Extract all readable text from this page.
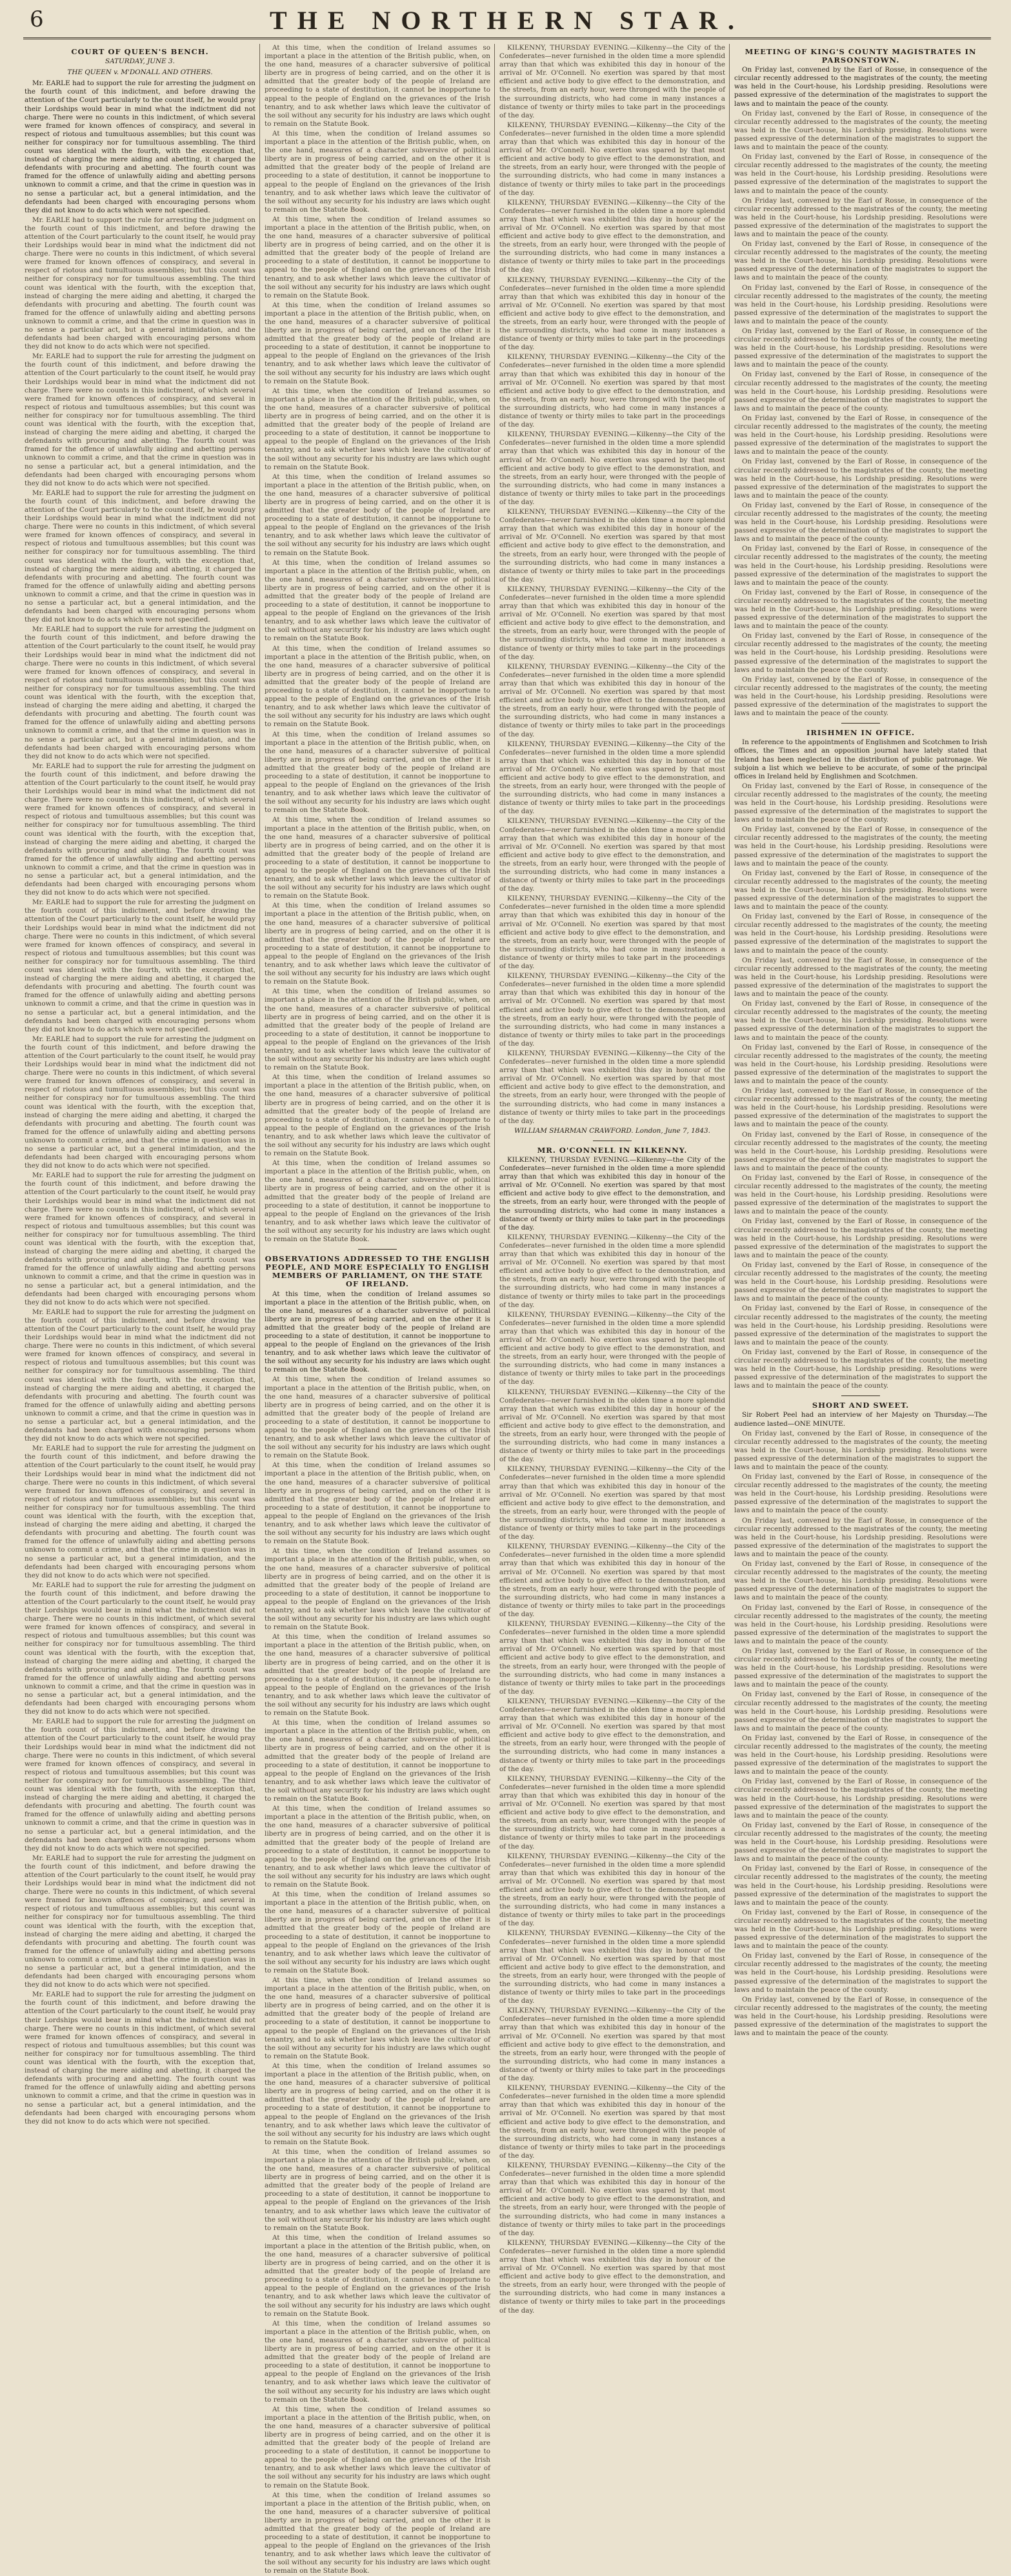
6	THE NORTHERN STAR.
COURT OF QUEEN'S BENCH.
SATURDAY, JUNE 3.
THE QUEEN v. M'DONALL AND OTHERS.

Mr. EARLE had to support the rule for arresting the judgment on the fourth count of this indictment, and before drawing the attention of the Court particularly to the count itself, he would pray their Lordships would bear in mind what the indictment did not charge. There were no counts in this indictment, of which several were framed for known offences of conspiracy, and several in respect of riotous and tumultuous assemblies; but this count was neither for conspiracy nor for tumultuous assembling. The third count was identical with the fourth, with the exception that, instead of charging the mere aiding and abetting, it charged the defendants with procuring and abetting. The fourth count was framed for the offence of unlawfully aiding and abetting persons unknown to commit a crime, and that the crime in question was in no sense a particular act, but a general intimidation, and the defendants had been charged with encouraging persons whom they did not know to do acts which were not specified.

Mr. EARLE had to support the rule for arresting the judgment on the fourth count of this indictment, and before drawing the attention of the Court particularly to the count itself, he would pray their Lordships would bear in mind what the indictment did not charge. There were no counts in this indictment, of which several were framed for known offences of conspiracy, and several in respect of riotous and tumultuous assemblies; but this count was neither for conspiracy nor for tumultuous assembling. The third count was identical with the fourth, with the exception that, instead of charging the mere aiding and abetting, it charged the defendants with procuring and abetting. The fourth count was framed for the offence of unlawfully aiding and abetting persons unknown to commit a crime, and that the crime in question was in no sense a particular act, but a general intimidation, and the defendants had been charged with encouraging persons whom they did not know to do acts which were not specified.

Mr. EARLE had to support the rule for arresting the judgment on the fourth count of this indictment, and before drawing the attention of the Court particularly to the count itself, he would pray their Lordships would bear in mind what the indictment did not charge. There were no counts in this indictment, of which several were framed for known offences of conspiracy, and several in respect of riotous and tumultuous assemblies; but this count was neither for conspiracy nor for tumultuous assembling. The third count was identical with the fourth, with the exception that, instead of charging the mere aiding and abetting, it charged the defendants with procuring and abetting. The fourth count was framed for the offence of unlawfully aiding and abetting persons unknown to commit a crime, and that the crime in question was in no sense a particular act, but a general intimidation, and the defendants had been charged with encouraging persons whom they did not know to do acts which were not specified.

Mr. EARLE had to support the rule for arresting the judgment on the fourth count of this indictment, and before drawing the attention of the Court particularly to the count itself, he would pray their Lordships would bear in mind what the indictment did not charge. There were no counts in this indictment, of which several were framed for known offences of conspiracy, and several in respect of riotous and tumultuous assemblies; but this count was neither for conspiracy nor for tumultuous assembling. The third count was identical with the fourth, with the exception that, instead of charging the mere aiding and abetting, it charged the defendants with procuring and abetting. The fourth count was framed for the offence of unlawfully aiding and abetting persons unknown to commit a crime, and that the crime in question was in no sense a particular act, but a general intimidation, and the defendants had been charged with encouraging persons whom they did not know to do acts which were not specified.

Mr. EARLE had to support the rule for arresting the judgment on the fourth count of this indictment, and before drawing the attention of the Court particularly to the count itself, he would pray their Lordships would bear in mind what the indictment did not charge. There were no counts in this indictment, of which several were framed for known offences of conspiracy, and several in respect of riotous and tumultuous assemblies; but this count was neither for conspiracy nor for tumultuous assembling. The third count was identical with the fourth, with the exception that, instead of charging the mere aiding and abetting, it charged the defendants with procuring and abetting. The fourth count was framed for the offence of unlawfully aiding and abetting persons unknown to commit a crime, and that the crime in question was in no sense a particular act, but a general intimidation, and the defendants had been charged with encouraging persons whom they did not know to do acts which were not specified.

Mr. EARLE had to support the rule for arresting the judgment on the fourth count of this indictment, and before drawing the attention of the Court particularly to the count itself, he would pray their Lordships would bear in mind what the indictment did not charge. There were no counts in this indictment, of which several were framed for known offences of conspiracy, and several in respect of riotous and tumultuous assemblies; but this count was neither for conspiracy nor for tumultuous assembling. The third count was identical with the fourth, with the exception that, instead of charging the mere aiding and abetting, it charged the defendants with procuring and abetting. The fourth count was framed for the offence of unlawfully aiding and abetting persons unknown to commit a crime, and that the crime in question was in no sense a particular act, but a general intimidation, and the defendants had been charged with encouraging persons whom they did not know to do acts which were not specified.

Mr. EARLE had to support the rule for arresting the judgment on the fourth count of this indictment, and before drawing the attention of the Court particularly to the count itself, he would pray their Lordships would bear in mind what the indictment did not charge. There were no counts in this indictment, of which several were framed for known offences of conspiracy, and several in respect of riotous and tumultuous assemblies; but this count was neither for conspiracy nor for tumultuous assembling. The third count was identical with the fourth, with the exception that, instead of charging the mere aiding and abetting, it charged the defendants with procuring and abetting. The fourth count was framed for the offence of unlawfully aiding and abetting persons unknown to commit a crime, and that the crime in question was in no sense a particular act, but a general intimidation, and the defendants had been charged with encouraging persons whom they did not know to do acts which were not specified.

Mr. EARLE had to support the rule for arresting the judgment on the fourth count of this indictment, and before drawing the attention of the Court particularly to the count itself, he would pray their Lordships would bear in mind what the indictment did not charge. There were no counts in this indictment, of which several were framed for known offences of conspiracy, and several in respect of riotous and tumultuous assemblies; but this count was neither for conspiracy nor for tumultuous assembling. The third count was identical with the fourth, with the exception that, instead of charging the mere aiding and abetting, it charged the defendants with procuring and abetting. The fourth count was framed for the offence of unlawfully aiding and abetting persons unknown to commit a crime, and that the crime in question was in no sense a particular act, but a general intimidation, and the defendants had been charged with encouraging persons whom they did not know to do acts which were not specified.

Mr. EARLE had to support the rule for arresting the judgment on the fourth count of this indictment, and before drawing the attention of the Court particularly to the count itself, he would pray their Lordships would bear in mind what the indictment did not charge. There were no counts in this indictment, of which several were framed for known offences of conspiracy, and several in respect of riotous and tumultuous assemblies; but this count was neither for conspiracy nor for tumultuous assembling. The third count was identical with the fourth, with the exception that, instead of charging the mere aiding and abetting, it charged the defendants with procuring and abetting. The fourth count was framed for the offence of unlawfully aiding and abetting persons unknown to commit a crime, and that the crime in question was in no sense a particular act, but a general intimidation, and the defendants had been charged with encouraging persons whom they did not know to do acts which were not specified.

Mr. EARLE had to support the rule for arresting the judgment on the fourth count of this indictment, and before drawing the attention of the Court particularly to the count itself, he would pray their Lordships would bear in mind what the indictment did not charge. There were no counts in this indictment, of which several were framed for known offences of conspiracy, and several in respect of riotous and tumultuous assemblies; but this count was neither for conspiracy nor for tumultuous assembling. The third count was identical with the fourth, with the exception that, instead of charging the mere aiding and abetting, it charged the defendants with procuring and abetting. The fourth count was framed for the offence of unlawfully aiding and abetting persons unknown to commit a crime, and that the crime in question was in no sense a particular act, but a general intimidation, and the defendants had been charged with encouraging persons whom they did not know to do acts which were not specified.

Mr. EARLE had to support the rule for arresting the judgment on the fourth count of this indictment, and before drawing the attention of the Court particularly to the count itself, he would pray their Lordships would bear in mind what the indictment did not charge. There were no counts in this indictment, of which several were framed for known offences of conspiracy, and several in respect of riotous and tumultuous assemblies; but this count was neither for conspiracy nor for tumultuous assembling. The third count was identical with the fourth, with the exception that, instead of charging the mere aiding and abetting, it charged the defendants with procuring and abetting. The fourth count was framed for the offence of unlawfully aiding and abetting persons unknown to commit a crime, and that the crime in question was in no sense a particular act, but a general intimidation, and the defendants had been charged with encouraging persons whom they did not know to do acts which were not specified.

Mr. EARLE had to support the rule for arresting the judgment on the fourth count of this indictment, and before drawing the attention of the Court particularly to the count itself, he would pray their Lordships would bear in mind what the indictment did not charge. There were no counts in this indictment, of which several were framed for known offences of conspiracy, and several in respect of riotous and tumultuous assemblies; but this count was neither for conspiracy nor for tumultuous assembling. The third count was identical with the fourth, with the exception that, instead of charging the mere aiding and abetting, it charged the defendants with procuring and abetting. The fourth count was framed for the offence of unlawfully aiding and abetting persons unknown to commit a crime, and that the crime in question was in no sense a particular act, but a general intimidation, and the defendants had been charged with encouraging persons whom they did not know to do acts which were not specified.

Mr. EARLE had to support the rule for arresting the judgment on the fourth count of this indictment, and before drawing the attention of the Court particularly to the count itself, he would pray their Lordships would bear in mind what the indictment did not charge. There were no counts in this indictment, of which several were framed for known offences of conspiracy, and several in respect of riotous and tumultuous assemblies; but this count was neither for conspiracy nor for tumultuous assembling. The third count was identical with the fourth, with the exception that, instead of charging the mere aiding and abetting, it charged the defendants with procuring and abetting. The fourth count was framed for the offence of unlawfully aiding and abetting persons unknown to commit a crime, and that the crime in question was in no sense a particular act, but a general intimidation, and the defendants had been charged with encouraging persons whom they did not know to do acts which were not specified.

Mr. EARLE had to support the rule for arresting the judgment on the fourth count of this indictment, and before drawing the attention of the Court particularly to the count itself, he would pray their Lordships would bear in mind what the indictment did not charge. There were no counts in this indictment, of which several were framed for known offences of conspiracy, and several in respect of riotous and tumultuous assemblies; but this count was neither for conspiracy nor for tumultuous assembling. The third count was identical with the fourth, with the exception that, instead of charging the mere aiding and abetting, it charged the defendants with procuring and abetting. The fourth count was framed for the offence of unlawfully aiding and abetting persons unknown to commit a crime, and that the crime in question was in no sense a particular act, but a general intimidation, and the defendants had been charged with encouraging persons whom they did not know to do acts which were not specified.

Mr. EARLE had to support the rule for arresting the judgment on the fourth count of this indictment, and before drawing the attention of the Court particularly to the count itself, he would pray their Lordships would bear in mind what the indictment did not charge. There were no counts in this indictment, of which several were framed for known offences of conspiracy, and several in respect of riotous and tumultuous assemblies; but this count was neither for conspiracy nor for tumultuous assembling. The third count was identical with the fourth, with the exception that, instead of charging the mere aiding and abetting, it charged the defendants with procuring and abetting. The fourth count was framed for the offence of unlawfully aiding and abetting persons unknown to commit a crime, and that the crime in question was in no sense a particular act, but a general intimidation, and the defendants had been charged with encouraging persons whom they did not know to do acts which were not specified.

At this time, when the condition of Ireland assumes so important a place in the attention of the British public, when, on the one hand, measures of a character subversive of political liberty are in progress of being carried, and on the other it is admitted that the greater body of the people of Ireland are proceeding to a state of destitution, it cannot be inopportune to appeal to the people of England on the grievances of the Irish tenantry, and to ask whether laws which leave the cultivator of the soil without any security for his industry are laws which ought to remain on the Statute Book.

At this time, when the condition of Ireland assumes so important a place in the attention of the British public, when, on the one hand, measures of a character subversive of political liberty are in progress of being carried, and on the other it is admitted that the greater body of the people of Ireland are proceeding to a state of destitution, it cannot be inopportune to appeal to the people of England on the grievances of the Irish tenantry, and to ask whether laws which leave the cultivator of the soil without any security for his industry are laws which ought to remain on the Statute Book.

At this time, when the condition of Ireland assumes so important a place in the attention of the British public, when, on the one hand, measures of a character subversive of political liberty are in progress of being carried, and on the other it is admitted that the greater body of the people of Ireland are proceeding to a state of destitution, it cannot be inopportune to appeal to the people of England on the grievances of the Irish tenantry, and to ask whether laws which leave the cultivator of the soil without any security for his industry are laws which ought to remain on the Statute Book.

At this time, when the condition of Ireland assumes so important a place in the attention of the British public, when, on the one hand, measures of a character subversive of political liberty are in progress of being carried, and on the other it is admitted that the greater body of the people of Ireland are proceeding to a state of destitution, it cannot be inopportune to appeal to the people of England on the grievances of the Irish tenantry, and to ask whether laws which leave the cultivator of the soil without any security for his industry are laws which ought to remain on the Statute Book.

At this time, when the condition of Ireland assumes so important a place in the attention of the British public, when, on the one hand, measures of a character subversive of political liberty are in progress of being carried, and on the other it is admitted that the greater body of the people of Ireland are proceeding to a state of destitution, it cannot be inopportune to appeal to the people of England on the grievances of the Irish tenantry, and to ask whether laws which leave the cultivator of the soil without any security for his industry are laws which ought to remain on the Statute Book.

At this time, when the condition of Ireland assumes so important a place in the attention of the British public, when, on the one hand, measures of a character subversive of political liberty are in progress of being carried, and on the other it is admitted that the greater body of the people of Ireland are proceeding to a state of destitution, it cannot be inopportune to appeal to the people of England on the grievances of the Irish tenantry, and to ask whether laws which leave the cultivator of the soil without any security for his industry are laws which ought to remain on the Statute Book.

At this time, when the condition of Ireland assumes so important a place in the attention of the British public, when, on the one hand, measures of a character subversive of political liberty are in progress of being carried, and on the other it is admitted that the greater body of the people of Ireland are proceeding to a state of destitution, it cannot be inopportune to appeal to the people of England on the grievances of the Irish tenantry, and to ask whether laws which leave the cultivator of the soil without any security for his industry are laws which ought to remain on the Statute Book.

At this time, when the condition of Ireland assumes so important a place in the attention of the British public, when, on the one hand, measures of a character subversive of political liberty are in progress of being carried, and on the other it is admitted that the greater body of the people of Ireland are proceeding to a state of destitution, it cannot be inopportune to appeal to the people of England on the grievances of the Irish tenantry, and to ask whether laws which leave the cultivator of the soil without any security for his industry are laws which ought to remain on the Statute Book.

At this time, when the condition of Ireland assumes so important a place in the attention of the British public, when, on the one hand, measures of a character subversive of political liberty are in progress of being carried, and on the other it is admitted that the greater body of the people of Ireland are proceeding to a state of destitution, it cannot be inopportune to appeal to the people of England on the grievances of the Irish tenantry, and to ask whether laws which leave the cultivator of the soil without any security for his industry are laws which ought to remain on the Statute Book.

At this time, when the condition of Ireland assumes so important a place in the attention of the British public, when, on the one hand, measures of a character subversive of political liberty are in progress of being carried, and on the other it is admitted that the greater body of the people of Ireland are proceeding to a state of destitution, it cannot be inopportune to appeal to the people of England on the grievances of the Irish tenantry, and to ask whether laws which leave the cultivator of the soil without any security for his industry are laws which ought to remain on the Statute Book.

At this time, when the condition of Ireland assumes so important a place in the attention of the British public, when, on the one hand, measures of a character subversive of political liberty are in progress of being carried, and on the other it is admitted that the greater body of the people of Ireland are proceeding to a state of destitution, it cannot be inopportune to appeal to the people of England on the grievances of the Irish tenantry, and to ask whether laws which leave the cultivator of the soil without any security for his industry are laws which ought to remain on the Statute Book.

At this time, when the condition of Ireland assumes so important a place in the attention of the British public, when, on the one hand, measures of a character subversive of political liberty are in progress of being carried, and on the other it is admitted that the greater body of the people of Ireland are proceeding to a state of destitution, it cannot be inopportune to appeal to the people of England on the grievances of the Irish tenantry, and to ask whether laws which leave the cultivator of the soil without any security for his industry are laws which ought to remain on the Statute Book.

At this time, when the condition of Ireland assumes so important a place in the attention of the British public, when, on the one hand, measures of a character subversive of political liberty are in progress of being carried, and on the other it is admitted that the greater body of the people of Ireland are proceeding to a state of destitution, it cannot be inopportune to appeal to the people of England on the grievances of the Irish tenantry, and to ask whether laws which leave the cultivator of the soil without any security for his industry are laws which ought to remain on the Statute Book.

At this time, when the condition of Ireland assumes so important a place in the attention of the British public, when, on the one hand, measures of a character subversive of political liberty are in progress of being carried, and on the other it is admitted that the greater body of the people of Ireland are proceeding to a state of destitution, it cannot be inopportune to appeal to the people of England on the grievances of the Irish tenantry, and to ask whether laws which leave the cultivator of the soil without any security for his industry are laws which ought to remain on the Statute Book.

OBSERVATIONS ADDRESSED TO THE ENGLISH PEOPLE, AND MORE ESPECIALLY TO ENGLISH MEMBERS OF PARLIAMENT, ON THE STATE OF IRELAND.

At this time, when the condition of Ireland assumes so important a place in the attention of the British public, when, on the one hand, measures of a character subversive of political liberty are in progress of being carried, and on the other it is admitted that the greater body of the people of Ireland are proceeding to a state of destitution, it cannot be inopportune to appeal to the people of England on the grievances of the Irish tenantry, and to ask whether laws which leave the cultivator of the soil without any security for his industry are laws which ought to remain on the Statute Book.

At this time, when the condition of Ireland assumes so important a place in the attention of the British public, when, on the one hand, measures of a character subversive of political liberty are in progress of being carried, and on the other it is admitted that the greater body of the people of Ireland are proceeding to a state of destitution, it cannot be inopportune to appeal to the people of England on the grievances of the Irish tenantry, and to ask whether laws which leave the cultivator of the soil without any security for his industry are laws which ought to remain on the Statute Book.

At this time, when the condition of Ireland assumes so important a place in the attention of the British public, when, on the one hand, measures of a character subversive of political liberty are in progress of being carried, and on the other it is admitted that the greater body of the people of Ireland are proceeding to a state of destitution, it cannot be inopportune to appeal to the people of England on the grievances of the Irish tenantry, and to ask whether laws which leave the cultivator of the soil without any security for his industry are laws which ought to remain on the Statute Book.

At this time, when the condition of Ireland assumes so important a place in the attention of the British public, when, on the one hand, measures of a character subversive of political liberty are in progress of being carried, and on the other it is admitted that the greater body of the people of Ireland are proceeding to a state of destitution, it cannot be inopportune to appeal to the people of England on the grievances of the Irish tenantry, and to ask whether laws which leave the cultivator of the soil without any security for his industry are laws which ought to remain on the Statute Book.

At this time, when the condition of Ireland assumes so important a place in the attention of the British public, when, on the one hand, measures of a character subversive of political liberty are in progress of being carried, and on the other it is admitted that the greater body of the people of Ireland are proceeding to a state of destitution, it cannot be inopportune to appeal to the people of England on the grievances of the Irish tenantry, and to ask whether laws which leave the cultivator of the soil without any security for his industry are laws which ought to remain on the Statute Book.

At this time, when the condition of Ireland assumes so important a place in the attention of the British public, when, on the one hand, measures of a character subversive of political liberty are in progress of being carried, and on the other it is admitted that the greater body of the people of Ireland are proceeding to a state of destitution, it cannot be inopportune to appeal to the people of England on the grievances of the Irish tenantry, and to ask whether laws which leave the cultivator of the soil without any security for his industry are laws which ought to remain on the Statute Book.

At this time, when the condition of Ireland assumes so important a place in the attention of the British public, when, on the one hand, measures of a character subversive of political liberty are in progress of being carried, and on the other it is admitted that the greater body of the people of Ireland are proceeding to a state of destitution, it cannot be inopportune to appeal to the people of England on the grievances of the Irish tenantry, and to ask whether laws which leave the cultivator of the soil without any security for his industry are laws which ought to remain on the Statute Book.

At this time, when the condition of Ireland assumes so important a place in the attention of the British public, when, on the one hand, measures of a character subversive of political liberty are in progress of being carried, and on the other it is admitted that the greater body of the people of Ireland are proceeding to a state of destitution, it cannot be inopportune to appeal to the people of England on the grievances of the Irish tenantry, and to ask whether laws which leave the cultivator of the soil without any security for his industry are laws which ought to remain on the Statute Book.

At this time, when the condition of Ireland assumes so important a place in the attention of the British public, when, on the one hand, measures of a character subversive of political liberty are in progress of being carried, and on the other it is admitted that the greater body of the people of Ireland are proceeding to a state of destitution, it cannot be inopportune to appeal to the people of England on the grievances of the Irish tenantry, and to ask whether laws which leave the cultivator of the soil without any security for his industry are laws which ought to remain on the Statute Book.

At this time, when the condition of Ireland assumes so important a place in the attention of the British public, when, on the one hand, measures of a character subversive of political liberty are in progress of being carried, and on the other it is admitted that the greater body of the people of Ireland are proceeding to a state of destitution, it cannot be inopportune to appeal to the people of England on the grievances of the Irish tenantry, and to ask whether laws which leave the cultivator of the soil without any security for his industry are laws which ought to remain on the Statute Book.

At this time, when the condition of Ireland assumes so important a place in the attention of the British public, when, on the one hand, measures of a character subversive of political liberty are in progress of being carried, and on the other it is admitted that the greater body of the people of Ireland are proceeding to a state of destitution, it cannot be inopportune to appeal to the people of England on the grievances of the Irish tenantry, and to ask whether laws which leave the cultivator of the soil without any security for his industry are laws which ought to remain on the Statute Book.

At this time, when the condition of Ireland assumes so important a place in the attention of the British public, when, on the one hand, measures of a character subversive of political liberty are in progress of being carried, and on the other it is admitted that the greater body of the people of Ireland are proceeding to a state of destitution, it cannot be inopportune to appeal to the people of England on the grievances of the Irish tenantry, and to ask whether laws which leave the cultivator of the soil without any security for his industry are laws which ought to remain on the Statute Book.

At this time, when the condition of Ireland assumes so important a place in the attention of the British public, when, on the one hand, measures of a character subversive of political liberty are in progress of being carried, and on the other it is admitted that the greater body of the people of Ireland are proceeding to a state of destitution, it cannot be inopportune to appeal to the people of England on the grievances of the Irish tenantry, and to ask whether laws which leave the cultivator of the soil without any security for his industry are laws which ought to remain on the Statute Book.

At this time, when the condition of Ireland assumes so important a place in the attention of the British public, when, on the one hand, measures of a character subversive of political liberty are in progress of being carried, and on the other it is admitted that the greater body of the people of Ireland are proceeding to a state of destitution, it cannot be inopportune to appeal to the people of England on the grievances of the Irish tenantry, and to ask whether laws which leave the cultivator of the soil without any security for his industry are laws which ought to remain on the Statute Book.

At this time, when the condition of Ireland assumes so important a place in the attention of the British public, when, on the one hand, measures of a character subversive of political liberty are in progress of being carried, and on the other it is admitted that the greater body of the people of Ireland are proceeding to a state of destitution, it cannot be inopportune to appeal to the people of England on the grievances of the Irish tenantry, and to ask whether laws which leave the cultivator of the soil without any security for his industry are laws which ought to remain on the Statute Book.

KILKENNY, THURSDAY EVENING.—Kilkenny—the City of the Confederates—never furnished in the olden time a more splendid array than that which was exhibited this day in honour of the arrival of Mr. O'Connell. No exertion was spared by that most efficient and active body to give effect to the demonstration, and the streets, from an early hour, were thronged with the people of the surrounding districts, who had come in many instances a distance of twenty or thirty miles to take part in the proceedings of the day.

KILKENNY, THURSDAY EVENING.—Kilkenny—the City of the Confederates—never furnished in the olden time a more splendid array than that which was exhibited this day in honour of the arrival of Mr. O'Connell. No exertion was spared by that most efficient and active body to give effect to the demonstration, and the streets, from an early hour, were thronged with the people of the surrounding districts, who had come in many instances a distance of twenty or thirty miles to take part in the proceedings of the day.

KILKENNY, THURSDAY EVENING.—Kilkenny—the City of the Confederates—never furnished in the olden time a more splendid array than that which was exhibited this day in honour of the arrival of Mr. O'Connell. No exertion was spared by that most efficient and active body to give effect to the demonstration, and the streets, from an early hour, were thronged with the people of the surrounding districts, who had come in many instances a distance of twenty or thirty miles to take part in the proceedings of the day.

KILKENNY, THURSDAY EVENING.—Kilkenny—the City of the Confederates—never furnished in the olden time a more splendid array than that which was exhibited this day in honour of the arrival of Mr. O'Connell. No exertion was spared by that most efficient and active body to give effect to the demonstration, and the streets, from an early hour, were thronged with the people of the surrounding districts, who had come in many instances a distance of twenty or thirty miles to take part in the proceedings of the day.

KILKENNY, THURSDAY EVENING.—Kilkenny—the City of the Confederates—never furnished in the olden time a more splendid array than that which was exhibited this day in honour of the arrival of Mr. O'Connell. No exertion was spared by that most efficient and active body to give effect to the demonstration, and the streets, from an early hour, were thronged with the people of the surrounding districts, who had come in many instances a distance of twenty or thirty miles to take part in the proceedings of the day.

KILKENNY, THURSDAY EVENING.—Kilkenny—the City of the Confederates—never furnished in the olden time a more splendid array than that which was exhibited this day in honour of the arrival of Mr. O'Connell. No exertion was spared by that most efficient and active body to give effect to the demonstration, and the streets, from an early hour, were thronged with the people of the surrounding districts, who had come in many instances a distance of twenty or thirty miles to take part in the proceedings of the day.

KILKENNY, THURSDAY EVENING.—Kilkenny—the City of the Confederates—never furnished in the olden time a more splendid array than that which was exhibited this day in honour of the arrival of Mr. O'Connell. No exertion was spared by that most efficient and active body to give effect to the demonstration, and the streets, from an early hour, were thronged with the people of the surrounding districts, who had come in many instances a distance of twenty or thirty miles to take part in the proceedings of the day.

KILKENNY, THURSDAY EVENING.—Kilkenny—the City of the Confederates—never furnished in the olden time a more splendid array than that which was exhibited this day in honour of the arrival of Mr. O'Connell. No exertion was spared by that most efficient and active body to give effect to the demonstration, and the streets, from an early hour, were thronged with the people of the surrounding districts, who had come in many instances a distance of twenty or thirty miles to take part in the proceedings of the day.

KILKENNY, THURSDAY EVENING.—Kilkenny—the City of the Confederates—never furnished in the olden time a more splendid array than that which was exhibited this day in honour of the arrival of Mr. O'Connell. No exertion was spared by that most efficient and active body to give effect to the demonstration, and the streets, from an early hour, were thronged with the people of the surrounding districts, who had come in many instances a distance of twenty or thirty miles to take part in the proceedings of the day.

KILKENNY, THURSDAY EVENING.—Kilkenny—the City of the Confederates—never furnished in the olden time a more splendid array than that which was exhibited this day in honour of the arrival of Mr. O'Connell. No exertion was spared by that most efficient and active body to give effect to the demonstration, and the streets, from an early hour, were thronged with the people of the surrounding districts, who had come in many instances a distance of twenty or thirty miles to take part in the proceedings of the day.

KILKENNY, THURSDAY EVENING.—Kilkenny—the City of the Confederates—never furnished in the olden time a more splendid array than that which was exhibited this day in honour of the arrival of Mr. O'Connell. No exertion was spared by that most efficient and active body to give effect to the demonstration, and the streets, from an early hour, were thronged with the people of the surrounding districts, who had come in many instances a distance of twenty or thirty miles to take part in the proceedings of the day.

KILKENNY, THURSDAY EVENING.—Kilkenny—the City of the Confederates—never furnished in the olden time a more splendid array than that which was exhibited this day in honour of the arrival of Mr. O'Connell. No exertion was spared by that most efficient and active body to give effect to the demonstration, and the streets, from an early hour, were thronged with the people of the surrounding districts, who had come in many instances a distance of twenty or thirty miles to take part in the proceedings of the day.

KILKENNY, THURSDAY EVENING.—Kilkenny—the City of the Confederates—never furnished in the olden time a more splendid array than that which was exhibited this day in honour of the arrival of Mr. O'Connell. No exertion was spared by that most efficient and active body to give effect to the demonstration, and the streets, from an early hour, were thronged with the people of the surrounding districts, who had come in many instances a distance of twenty or thirty miles to take part in the proceedings of the day.

KILKENNY, THURSDAY EVENING.—Kilkenny—the City of the Confederates—never furnished in the olden time a more splendid array than that which was exhibited this day in honour of the arrival of Mr. O'Connell. No exertion was spared by that most efficient and active body to give effect to the demonstration, and the streets, from an early hour, were thronged with the people of the surrounding districts, who had come in many instances a distance of twenty or thirty miles to take part in the proceedings of the day.

WILLIAM SHARMAN CRAWFORD. London, June 7, 1843.
MR. O'CONNELL IN KILKENNY.

KILKENNY, THURSDAY EVENING.—Kilkenny—the City of the Confederates—never furnished in the olden time a more splendid array than that which was exhibited this day in honour of the arrival of Mr. O'Connell. No exertion was spared by that most efficient and active body to give effect to the demonstration, and the streets, from an early hour, were thronged with the people of the surrounding districts, who had come in many instances a distance of twenty or thirty miles to take part in the proceedings of the day.

KILKENNY, THURSDAY EVENING.—Kilkenny—the City of the Confederates—never furnished in the olden time a more splendid array than that which was exhibited this day in honour of the arrival of Mr. O'Connell. No exertion was spared by that most efficient and active body to give effect to the demonstration, and the streets, from an early hour, were thronged with the people of the surrounding districts, who had come in many instances a distance of twenty or thirty miles to take part in the proceedings of the day.

KILKENNY, THURSDAY EVENING.—Kilkenny—the City of the Confederates—never furnished in the olden time a more splendid array than that which was exhibited this day in honour of the arrival of Mr. O'Connell. No exertion was spared by that most efficient and active body to give effect to the demonstration, and the streets, from an early hour, were thronged with the people of the surrounding districts, who had come in many instances a distance of twenty or thirty miles to take part in the proceedings of the day.

KILKENNY, THURSDAY EVENING.—Kilkenny—the City of the Confederates—never furnished in the olden time a more splendid array than that which was exhibited this day in honour of the arrival of Mr. O'Connell. No exertion was spared by that most efficient and active body to give effect to the demonstration, and the streets, from an early hour, were thronged with the people of the surrounding districts, who had come in many instances a distance of twenty or thirty miles to take part in the proceedings of the day.

KILKENNY, THURSDAY EVENING.—Kilkenny—the City of the Confederates—never furnished in the olden time a more splendid array than that which was exhibited this day in honour of the arrival of Mr. O'Connell. No exertion was spared by that most efficient and active body to give effect to the demonstration, and the streets, from an early hour, were thronged with the people of the surrounding districts, who had come in many instances a distance of twenty or thirty miles to take part in the proceedings of the day.

KILKENNY, THURSDAY EVENING.—Kilkenny—the City of the Confederates—never furnished in the olden time a more splendid array than that which was exhibited this day in honour of the arrival of Mr. O'Connell. No exertion was spared by that most efficient and active body to give effect to the demonstration, and the streets, from an early hour, were thronged with the people of the surrounding districts, who had come in many instances a distance of twenty or thirty miles to take part in the proceedings of the day.

KILKENNY, THURSDAY EVENING.—Kilkenny—the City of the Confederates—never furnished in the olden time a more splendid array than that which was exhibited this day in honour of the arrival of Mr. O'Connell. No exertion was spared by that most efficient and active body to give effect to the demonstration, and the streets, from an early hour, were thronged with the people of the surrounding districts, who had come in many instances a distance of twenty or thirty miles to take part in the proceedings of the day.

KILKENNY, THURSDAY EVENING.—Kilkenny—the City of the Confederates—never furnished in the olden time a more splendid array than that which was exhibited this day in honour of the arrival of Mr. O'Connell. No exertion was spared by that most efficient and active body to give effect to the demonstration, and the streets, from an early hour, were thronged with the people of the surrounding districts, who had come in many instances a distance of twenty or thirty miles to take part in the proceedings of the day.

KILKENNY, THURSDAY EVENING.—Kilkenny—the City of the Confederates—never furnished in the olden time a more splendid array than that which was exhibited this day in honour of the arrival of Mr. O'Connell. No exertion was spared by that most efficient and active body to give effect to the demonstration, and the streets, from an early hour, were thronged with the people of the surrounding districts, who had come in many instances a distance of twenty or thirty miles to take part in the proceedings of the day.

KILKENNY, THURSDAY EVENING.—Kilkenny—the City of the Confederates—never furnished in the olden time a more splendid array than that which was exhibited this day in honour of the arrival of Mr. O'Connell. No exertion was spared by that most efficient and active body to give effect to the demonstration, and the streets, from an early hour, were thronged with the people of the surrounding districts, who had come in many instances a distance of twenty or thirty miles to take part in the proceedings of the day.

KILKENNY, THURSDAY EVENING.—Kilkenny—the City of the Confederates—never furnished in the olden time a more splendid array than that which was exhibited this day in honour of the arrival of Mr. O'Connell. No exertion was spared by that most efficient and active body to give effect to the demonstration, and the streets, from an early hour, were thronged with the people of the surrounding districts, who had come in many instances a distance of twenty or thirty miles to take part in the proceedings of the day.

KILKENNY, THURSDAY EVENING.—Kilkenny—the City of the Confederates—never furnished in the olden time a more splendid array than that which was exhibited this day in honour of the arrival of Mr. O'Connell. No exertion was spared by that most efficient and active body to give effect to the demonstration, and the streets, from an early hour, were thronged with the people of the surrounding districts, who had come in many instances a distance of twenty or thirty miles to take part in the proceedings of the day.

KILKENNY, THURSDAY EVENING.—Kilkenny—the City of the Confederates—never furnished in the olden time a more splendid array than that which was exhibited this day in honour of the arrival of Mr. O'Connell. No exertion was spared by that most efficient and active body to give effect to the demonstration, and the streets, from an early hour, were thronged with the people of the surrounding districts, who had come in many instances a distance of twenty or thirty miles to take part in the proceedings of the day.

KILKENNY, THURSDAY EVENING.—Kilkenny—the City of the Confederates—never furnished in the olden time a more splendid array than that which was exhibited this day in honour of the arrival of Mr. O'Connell. No exertion was spared by that most efficient and active body to give effect to the demonstration, and the streets, from an early hour, were thronged with the people of the surrounding districts, who had come in many instances a distance of twenty or thirty miles to take part in the proceedings of the day.

KILKENNY, THURSDAY EVENING.—Kilkenny—the City of the Confederates—never furnished in the olden time a more splendid array than that which was exhibited this day in honour of the arrival of Mr. O'Connell. No exertion was spared by that most efficient and active body to give effect to the demonstration, and the streets, from an early hour, were thronged with the people of the surrounding districts, who had come in many instances a distance of twenty or thirty miles to take part in the proceedings of the day.

MEETING OF KING'S COUNTY MAGISTRATES IN PARSONSTOWN.

On Friday last, convened by the Earl of Rosse, in consequence of the circular recently addressed to the magistrates of the county, the meeting was held in the Court-house, his Lordship presiding. Resolutions were passed expressive of the determination of the magistrates to support the laws and to maintain the peace of the county.

On Friday last, convened by the Earl of Rosse, in consequence of the circular recently addressed to the magistrates of the county, the meeting was held in the Court-house, his Lordship presiding. Resolutions were passed expressive of the determination of the magistrates to support the laws and to maintain the peace of the county.

On Friday last, convened by the Earl of Rosse, in consequence of the circular recently addressed to the magistrates of the county, the meeting was held in the Court-house, his Lordship presiding. Resolutions were passed expressive of the determination of the magistrates to support the laws and to maintain the peace of the county.

On Friday last, convened by the Earl of Rosse, in consequence of the circular recently addressed to the magistrates of the county, the meeting was held in the Court-house, his Lordship presiding. Resolutions were passed expressive of the determination of the magistrates to support the laws and to maintain the peace of the county.

On Friday last, convened by the Earl of Rosse, in consequence of the circular recently addressed to the magistrates of the county, the meeting was held in the Court-house, his Lordship presiding. Resolutions were passed expressive of the determination of the magistrates to support the laws and to maintain the peace of the county.

On Friday last, convened by the Earl of Rosse, in consequence of the circular recently addressed to the magistrates of the county, the meeting was held in the Court-house, his Lordship presiding. Resolutions were passed expressive of the determination of the magistrates to support the laws and to maintain the peace of the county.

On Friday last, convened by the Earl of Rosse, in consequence of the circular recently addressed to the magistrates of the county, the meeting was held in the Court-house, his Lordship presiding. Resolutions were passed expressive of the determination of the magistrates to support the laws and to maintain the peace of the county.

On Friday last, convened by the Earl of Rosse, in consequence of the circular recently addressed to the magistrates of the county, the meeting was held in the Court-house, his Lordship presiding. Resolutions were passed expressive of the determination of the magistrates to support the laws and to maintain the peace of the county.

On Friday last, convened by the Earl of Rosse, in consequence of the circular recently addressed to the magistrates of the county, the meeting was held in the Court-house, his Lordship presiding. Resolutions were passed expressive of the determination of the magistrates to support the laws and to maintain the peace of the county.

On Friday last, convened by the Earl of Rosse, in consequence of the circular recently addressed to the magistrates of the county, the meeting was held in the Court-house, his Lordship presiding. Resolutions were passed expressive of the determination of the magistrates to support the laws and to maintain the peace of the county.

On Friday last, convened by the Earl of Rosse, in consequence of the circular recently addressed to the magistrates of the county, the meeting was held in the Court-house, his Lordship presiding. Resolutions were passed expressive of the determination of the magistrates to support the laws and to maintain the peace of the county.

On Friday last, convened by the Earl of Rosse, in consequence of the circular recently addressed to the magistrates of the county, the meeting was held in the Court-house, his Lordship presiding. Resolutions were passed expressive of the determination of the magistrates to support the laws and to maintain the peace of the county.

On Friday last, convened by the Earl of Rosse, in consequence of the circular recently addressed to the magistrates of the county, the meeting was held in the Court-house, his Lordship presiding. Resolutions were passed expressive of the determination of the magistrates to support the laws and to maintain the peace of the county.

On Friday last, convened by the Earl of Rosse, in consequence of the circular recently addressed to the magistrates of the county, the meeting was held in the Court-house, his Lordship presiding. Resolutions were passed expressive of the determination of the magistrates to support the laws and to maintain the peace of the county.

On Friday last, convened by the Earl of Rosse, in consequence of the circular recently addressed to the magistrates of the county, the meeting was held in the Court-house, his Lordship presiding. Resolutions were passed expressive of the determination of the magistrates to support the laws and to maintain the peace of the county.

IRISHMEN IN OFFICE.

In reference to the appointments of Englishmen and Scotchmen to Irish offices, the Times and an opposition journal have lately stated that Ireland has been neglected in the distribution of public patronage. We subjoin a list which we believe to be accurate, of some of the principal offices in Ireland held by Englishmen and Scotchmen.

On Friday last, convened by the Earl of Rosse, in consequence of the circular recently addressed to the magistrates of the county, the meeting was held in the Court-house, his Lordship presiding. Resolutions were passed expressive of the determination of the magistrates to support the laws and to maintain the peace of the county.

On Friday last, convened by the Earl of Rosse, in consequence of the circular recently addressed to the magistrates of the county, the meeting was held in the Court-house, his Lordship presiding. Resolutions were passed expressive of the determination of the magistrates to support the laws and to maintain the peace of the county.

On Friday last, convened by the Earl of Rosse, in consequence of the circular recently addressed to the magistrates of the county, the meeting was held in the Court-house, his Lordship presiding. Resolutions were passed expressive of the determination of the magistrates to support the laws and to maintain the peace of the county.

On Friday last, convened by the Earl of Rosse, in consequence of the circular recently addressed to the magistrates of the county, the meeting was held in the Court-house, his Lordship presiding. Resolutions were passed expressive of the determination of the magistrates to support the laws and to maintain the peace of the county.

On Friday last, convened by the Earl of Rosse, in consequence of the circular recently addressed to the magistrates of the county, the meeting was held in the Court-house, his Lordship presiding. Resolutions were passed expressive of the determination of the magistrates to support the laws and to maintain the peace of the county.

On Friday last, convened by the Earl of Rosse, in consequence of the circular recently addressed to the magistrates of the county, the meeting was held in the Court-house, his Lordship presiding. Resolutions were passed expressive of the determination of the magistrates to support the laws and to maintain the peace of the county.

On Friday last, convened by the Earl of Rosse, in consequence of the circular recently addressed to the magistrates of the county, the meeting was held in the Court-house, his Lordship presiding. Resolutions were passed expressive of the determination of the magistrates to support the laws and to maintain the peace of the county.

On Friday last, convened by the Earl of Rosse, in consequence of the circular recently addressed to the magistrates of the county, the meeting was held in the Court-house, his Lordship presiding. Resolutions were passed expressive of the determination of the magistrates to support the laws and to maintain the peace of the county.

On Friday last, convened by the Earl of Rosse, in consequence of the circular recently addressed to the magistrates of the county, the meeting was held in the Court-house, his Lordship presiding. Resolutions were passed expressive of the determination of the magistrates to support the laws and to maintain the peace of the county.

On Friday last, convened by the Earl of Rosse, in consequence of the circular recently addressed to the magistrates of the county, the meeting was held in the Court-house, his Lordship presiding. Resolutions were passed expressive of the determination of the magistrates to support the laws and to maintain the peace of the county.

On Friday last, convened by the Earl of Rosse, in consequence of the circular recently addressed to the magistrates of the county, the meeting was held in the Court-house, his Lordship presiding. Resolutions were passed expressive of the determination of the magistrates to support the laws and to maintain the peace of the county.

On Friday last, convened by the Earl of Rosse, in consequence of the circular recently addressed to the magistrates of the county, the meeting was held in the Court-house, his Lordship presiding. Resolutions were passed expressive of the determination of the magistrates to support the laws and to maintain the peace of the county.

On Friday last, convened by the Earl of Rosse, in consequence of the circular recently addressed to the magistrates of the county, the meeting was held in the Court-house, his Lordship presiding. Resolutions were passed expressive of the determination of the magistrates to support the laws and to maintain the peace of the county.

On Friday last, convened by the Earl of Rosse, in consequence of the circular recently addressed to the magistrates of the county, the meeting was held in the Court-house, his Lordship presiding. Resolutions were passed expressive of the determination of the magistrates to support the laws and to maintain the peace of the county.

SHORT AND SWEET.

Sir Robert Peel had an interview of her Majesty on Thursday.—The audience lasted—ONE MINUTE.

On Friday last, convened by the Earl of Rosse, in consequence of the circular recently addressed to the magistrates of the county, the meeting was held in the Court-house, his Lordship presiding. Resolutions were passed expressive of the determination of the magistrates to support the laws and to maintain the peace of the county.

On Friday last, convened by the Earl of Rosse, in consequence of the circular recently addressed to the magistrates of the county, the meeting was held in the Court-house, his Lordship presiding. Resolutions were passed expressive of the determination of the magistrates to support the laws and to maintain the peace of the county.

On Friday last, convened by the Earl of Rosse, in consequence of the circular recently addressed to the magistrates of the county, the meeting was held in the Court-house, his Lordship presiding. Resolutions were passed expressive of the determination of the magistrates to support the laws and to maintain the peace of the county.

On Friday last, convened by the Earl of Rosse, in consequence of the circular recently addressed to the magistrates of the county, the meeting was held in the Court-house, his Lordship presiding. Resolutions were passed expressive of the determination of the magistrates to support the laws and to maintain the peace of the county.

On Friday last, convened by the Earl of Rosse, in consequence of the circular recently addressed to the magistrates of the county, the meeting was held in the Court-house, his Lordship presiding. Resolutions were passed expressive of the determination of the magistrates to support the laws and to maintain the peace of the county.

On Friday last, convened by the Earl of Rosse, in consequence of the circular recently addressed to the magistrates of the county, the meeting was held in the Court-house, his Lordship presiding. Resolutions were passed expressive of the determination of the magistrates to support the laws and to maintain the peace of the county.

On Friday last, convened by the Earl of Rosse, in consequence of the circular recently addressed to the magistrates of the county, the meeting was held in the Court-house, his Lordship presiding. Resolutions were passed expressive of the determination of the magistrates to support the laws and to maintain the peace of the county.

On Friday last, convened by the Earl of Rosse, in consequence of the circular recently addressed to the magistrates of the county, the meeting was held in the Court-house, his Lordship presiding. Resolutions were passed expressive of the determination of the magistrates to support the laws and to maintain the peace of the county.

On Friday last, convened by the Earl of Rosse, in consequence of the circular recently addressed to the magistrates of the county, the meeting was held in the Court-house, his Lordship presiding. Resolutions were passed expressive of the determination of the magistrates to support the laws and to maintain the peace of the county.

On Friday last, convened by the Earl of Rosse, in consequence of the circular recently addressed to the magistrates of the county, the meeting was held in the Court-house, his Lordship presiding. Resolutions were passed expressive of the determination of the magistrates to support the laws and to maintain the peace of the county.

On Friday last, convened by the Earl of Rosse, in consequence of the circular recently addressed to the magistrates of the county, the meeting was held in the Court-house, his Lordship presiding. Resolutions were passed expressive of the determination of the magistrates to support the laws and to maintain the peace of the county.

On Friday last, convened by the Earl of Rosse, in consequence of the circular recently addressed to the magistrates of the county, the meeting was held in the Court-house, his Lordship presiding. Resolutions were passed expressive of the determination of the magistrates to support the laws and to maintain the peace of the county.

On Friday last, convened by the Earl of Rosse, in consequence of the circular recently addressed to the magistrates of the county, the meeting was held in the Court-house, his Lordship presiding. Resolutions were passed expressive of the determination of the magistrates to support the laws and to maintain the peace of the county.

On Friday last, convened by the Earl of Rosse, in consequence of the circular recently addressed to the magistrates of the county, the meeting was held in the Court-house, his Lordship presiding. Resolutions were passed expressive of the determination of the magistrates to support the laws and to maintain the peace of the county.
